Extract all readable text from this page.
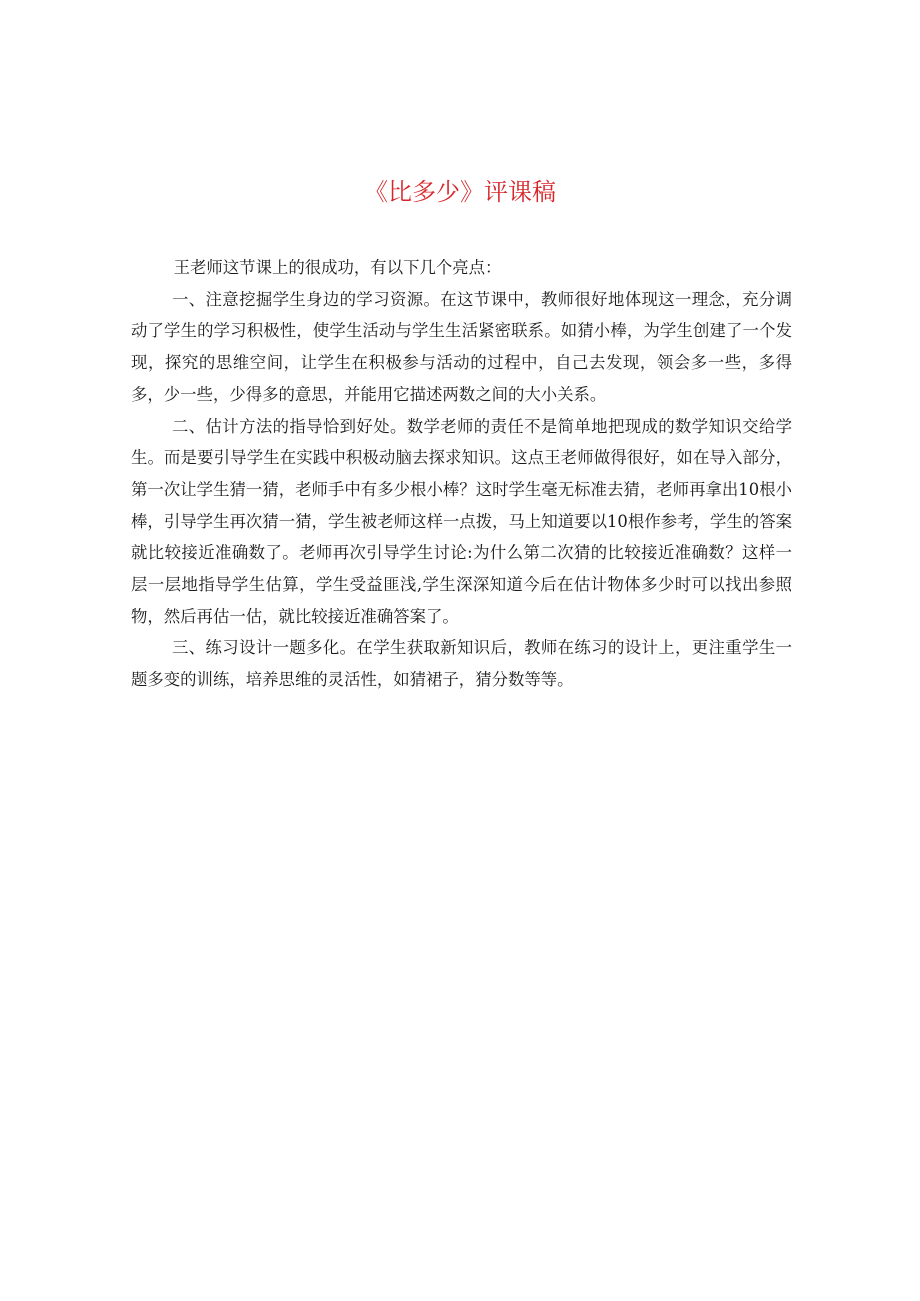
《比多少》评课稿

王老师这节课上的很成功，有以下几个亮点：

一、注意挖掘学生身边的学习资源。在这节课中，教师很好地体现这一理念，充分调动了学生的学习积极性，使学生活动与学生生活紧密联系。如猜小棒，为学生创建了一个发现，探究的思维空间，让学生在积极参与活动的过程中，自己去发现，领会多一些，多得多，少一些，少得多的意思，并能用它描述两数之间的大小关系。

二、估计方法的指导恰到好处。数学老师的责任不是简单地把现成的数学知识交给学生。而是要引导学生在实践中积极动脑去探求知识。这点王老师做得很好，如在导入部分，第一次让学生猜一猜，老师手中有多少根小棒？这时学生毫无标准去猜，老师再拿出10根小棒，引导学生再次猜一猜，学生被老师这样一点拨，马上知道要以10根作参考，学生的答案就比较接近准确数了。老师再次引导学生讨论:为什么第二次猜的比较接近准确数？这样一层一层地指导学生估算，学生受益匪浅,学生深深知道今后在估计物体多少时可以找出参照物，然后再估一估，就比较接近准确答案了。

三、练习设计一题多化。在学生获取新知识后，教师在练习的设计上，更注重学生一题多变的训练，培养思维的灵活性，如猜裙子，猜分数等等。
